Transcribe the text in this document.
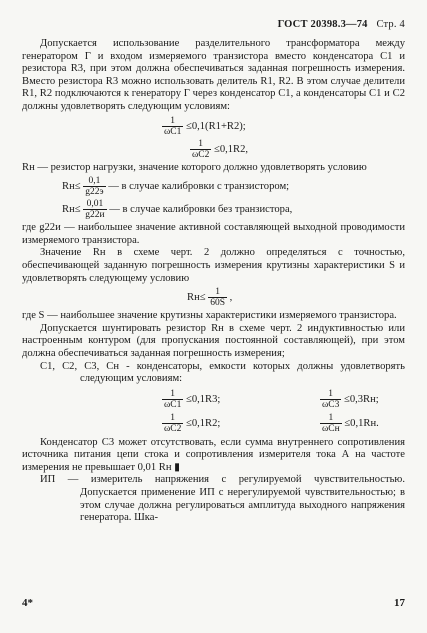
ГОСТ 20398.3—74 Стр. 4

Допускается использование разделительного трансформатора между генератором Г и входом измеряемого транзистора вместо конденсатора C1 и резистора R3, при этом должна обеспечиваться заданная погрешность измерения. Вместо резистора R3 можно использовать делитель R1, R2. В этом случае делители R1, R2 подключаются к генератору Г через конденсатор C1, а конденсаторы C1 и C2 должны удовлетворять следующим условиям:

$\frac{1}{\omega C1} \le 0,1(R1+R2)$;
$\frac{1}{\omega C2} \le 0,1R2$,

Rн — резистор нагрузки, значение которого должно удовлетворять условию

$Rн\le \frac{0,1}{g22э}$ — в случае калибровки с транзистором;
$Rн\le \frac{0,01}{g22и}$ — в случае калибровки без транзистора,

где g22и — наибольшее значение активной составляющей выходной проводимости измеряемого транзистора.

Значение Rн в схеме черт. 2 должно определяться с точностью, обеспечивающей заданную погрешность измерения крутизны характеристики S и удовлетворять следующему условию

$Rн\le \frac{1}{60S}$ ,

где S — наибольшее значение крутизны характеристики измеряемого транзистора.

Допускается шунтировать резистор Rн в схеме черт. 2 индуктивностью или настроенным контуром (для пропускания постоянной составляющей), при этом должна обеспечиваться заданная погрешность измерения;

C1, C2, C3, Cн - конденсаторы, емкости которых должны удовлетворять следующим условиям:

$\frac{1}{\omega C1} \le 0,1R3$;	$\frac{1}{\omega C3} \le 0,3Rн$;
$\frac{1}{\omega C2} \le 0,1R2$;	$\frac{1}{\text{ωCн}} \le 0,1Rн$.

Конденсатор C3 может отсутствовать, если сумма внутреннего сопротивления источника питания цепи стока и сопротивления измерителя тока А на частоте измерения не превышает 0,01 Rн ▮

ИП — измеритель напряжения с регулируемой чувствительностью. Допускается применение ИП с нерегулируемой чувствительностью; в этом случае должна регулироваться амплитуда выходного напряжения генератора. Шка-

4*	17
